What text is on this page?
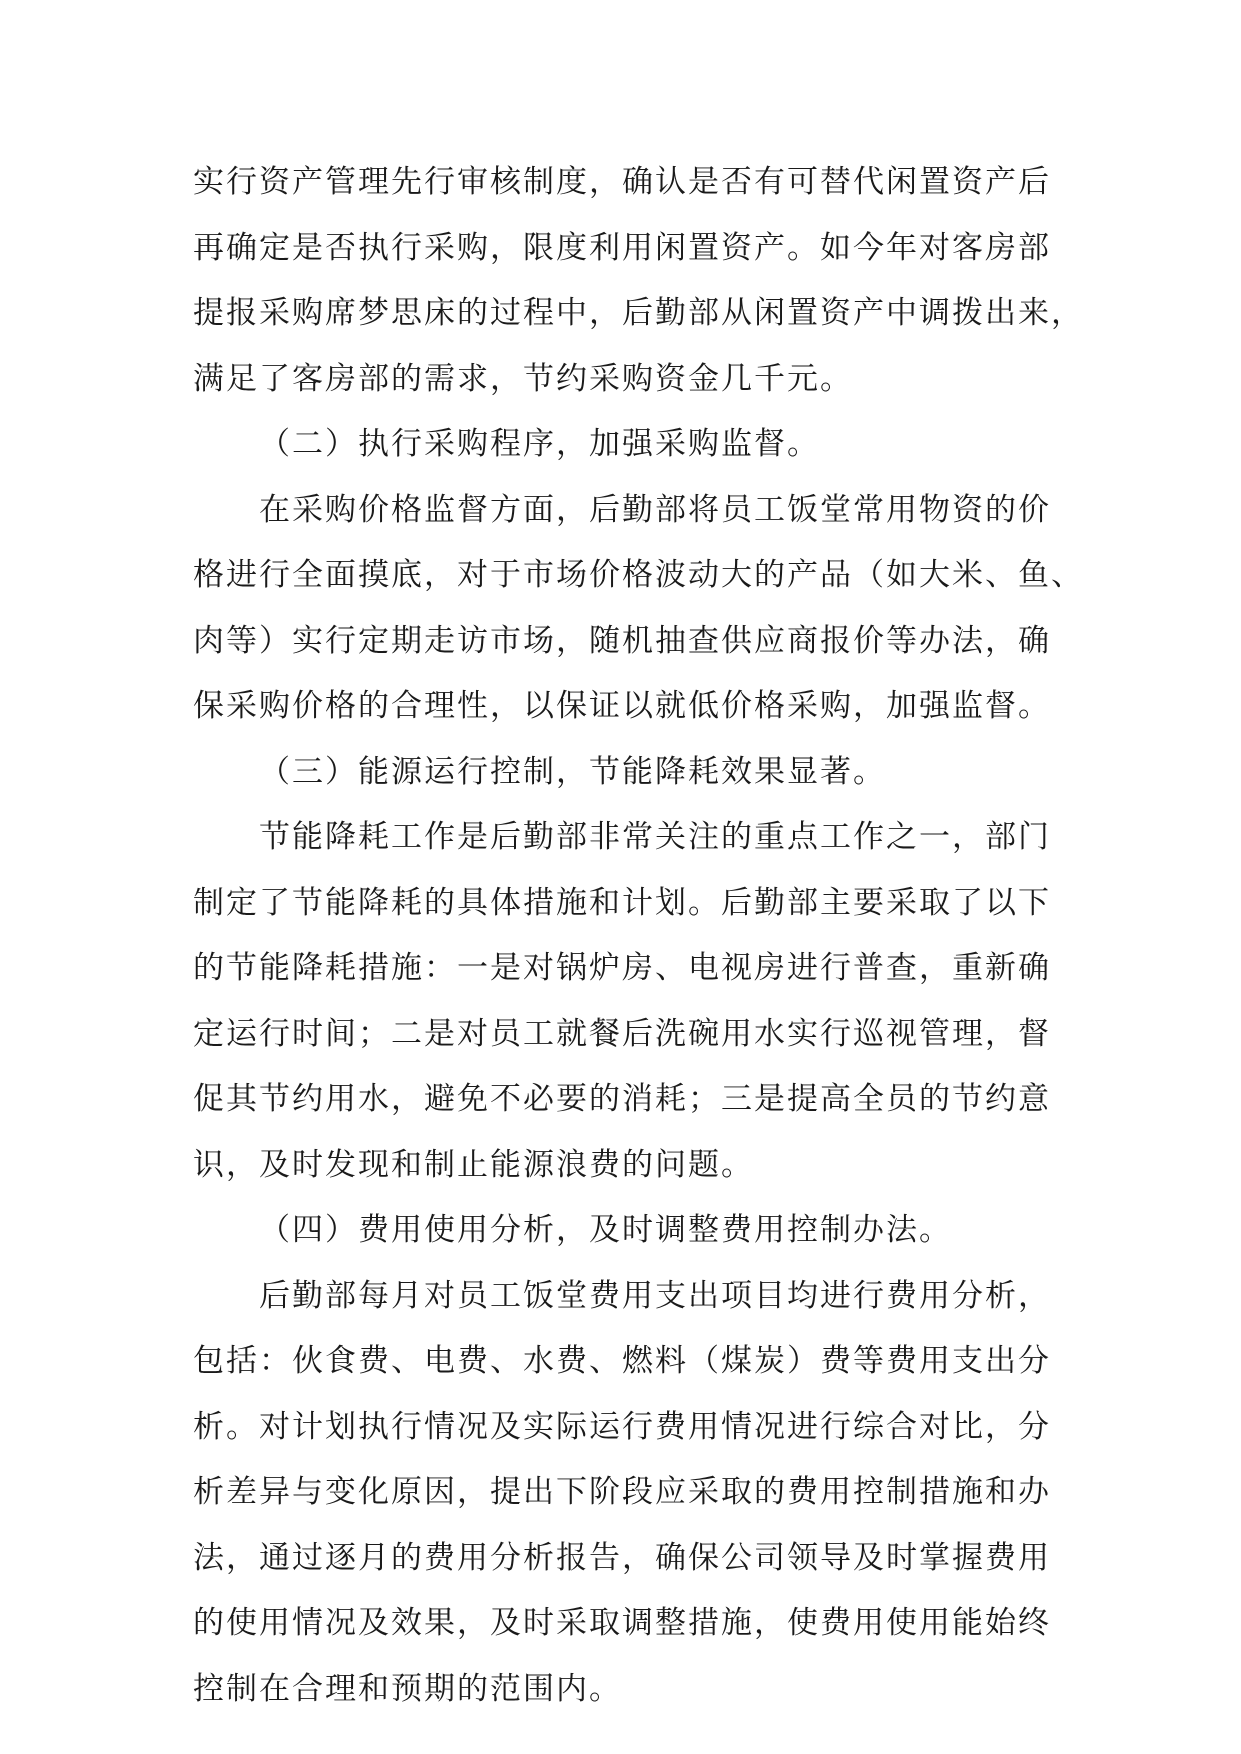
实行资产管理先行审核制度，确认是否有可替代闲置资产后
再确定是否执行采购，限度利用闲置资产。如今年对客房部
提报采购席梦思床的过程中，后勤部从闲置资产中调拨出来，
满足了客房部的需求，节约采购资金几千元。
（二）执行采购程序，加强采购监督。
在采购价格监督方面，后勤部将员工饭堂常用物资的价
格进行全面摸底，对于市场价格波动大的产品（如大米、鱼、
肉等）实行定期走访市场，随机抽查供应商报价等办法，确
保采购价格的合理性，以保证以就低价格采购，加强监督。
（三）能源运行控制，节能降耗效果显著。
节能降耗工作是后勤部非常关注的重点工作之一，部门
制定了节能降耗的具体措施和计划。后勤部主要采取了以下
的节能降耗措施：一是对锅炉房、电视房进行普查，重新确
定运行时间；二是对员工就餐后洗碗用水实行巡视管理，督
促其节约用水，避免不必要的消耗；三是提高全员的节约意
识，及时发现和制止能源浪费的问题。
（四）费用使用分析，及时调整费用控制办法。
后勤部每月对员工饭堂费用支出项目均进行费用分析，
包括：伙食费、电费、水费、燃料（煤炭）费等费用支出分
析。对计划执行情况及实际运行费用情况进行综合对比，分
析差异与变化原因，提出下阶段应采取的费用控制措施和办
法，通过逐月的费用分析报告，确保公司领导及时掌握费用
的使用情况及效果，及时采取调整措施，使费用使用能始终
控制在合理和预期的范围内。
